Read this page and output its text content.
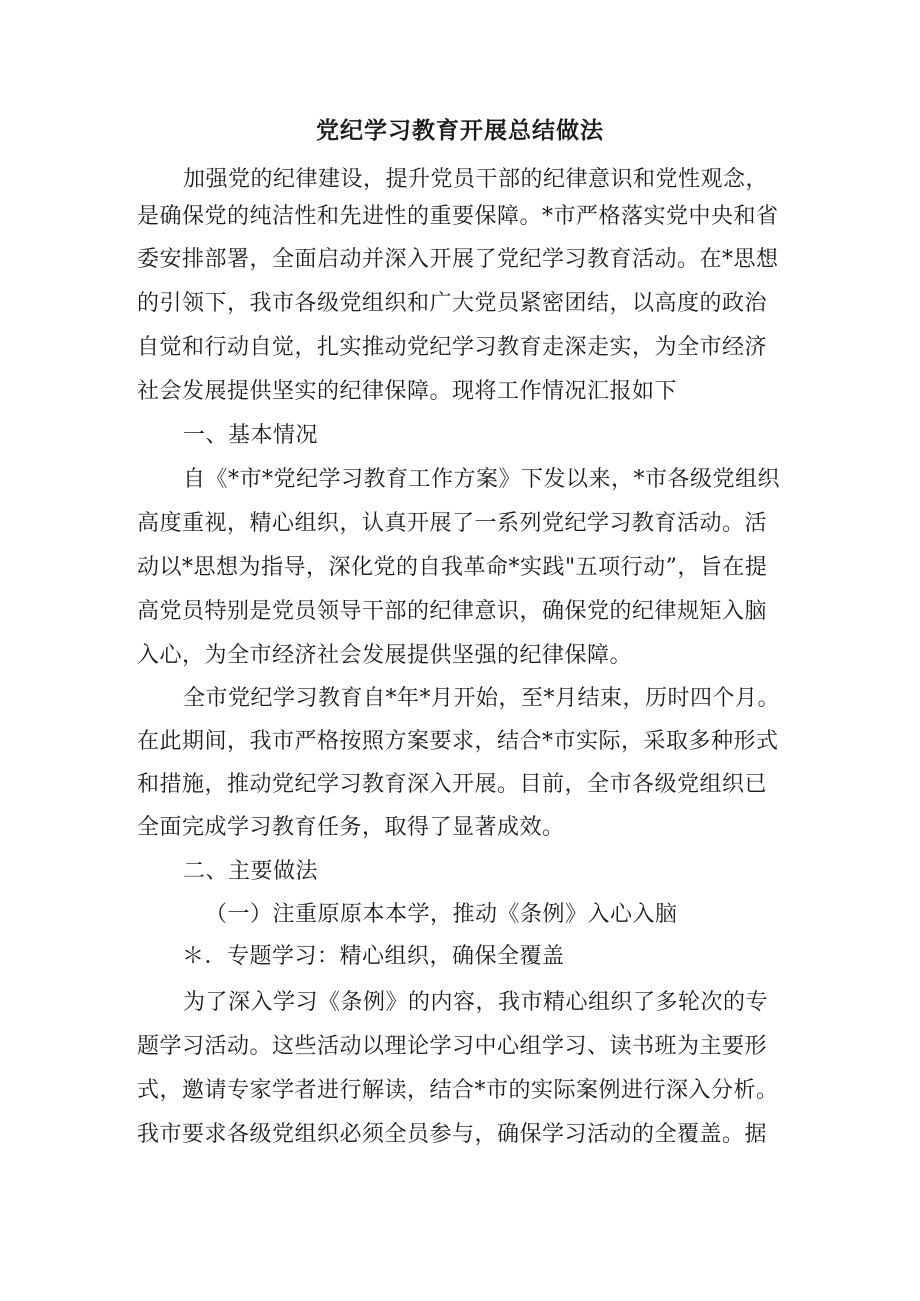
党纪学习教育开展总结做法
加强党的纪律建设，提升党员干部的纪律意识和党性观念，
是确保党的纯洁性和先进性的重要保障。*市严格落实党中央和省
委安排部署，全面启动并深入开展了党纪学习教育活动。在*思想
的引领下，我市各级党组织和广大党员紧密团结，以高度的政治
自觉和行动自觉，扎实推动党纪学习教育走深走实，为全市经济
社会发展提供坚实的纪律保障。现将工作情况汇报如下
一、基本情况
自《*市*党纪学习教育工作方案》下发以来，*市各级党组织
高度重视，精心组织，认真开展了一系列党纪学习教育活动。活
动以*思想为指导，深化党的自我革命*实践"五项行动”，旨在提
高党员特别是党员领导干部的纪律意识，确保党的纪律规矩入脑
入心，为全市经济社会发展提供坚强的纪律保障。
全市党纪学习教育自*年*月开始，至*月结束，历时四个月。
在此期间，我市严格按照方案要求，结合*市实际，采取多种形式
和措施，推动党纪学习教育深入开展。目前，全市各级党组织已
全面完成学习教育任务，取得了显著成效。
二、主要做法
（一）注重原原本本学，推动《条例》入心入脑
＊．专题学习：精心组织，确保全覆盖
为了深入学习《条例》的内容，我市精心组织了多轮次的专
题学习活动。这些活动以理论学习中心组学习、读书班为主要形
式，邀请专家学者进行解读，结合*市的实际案例进行深入分析。
我市要求各级党组织必须全员参与，确保学习活动的全覆盖。据
